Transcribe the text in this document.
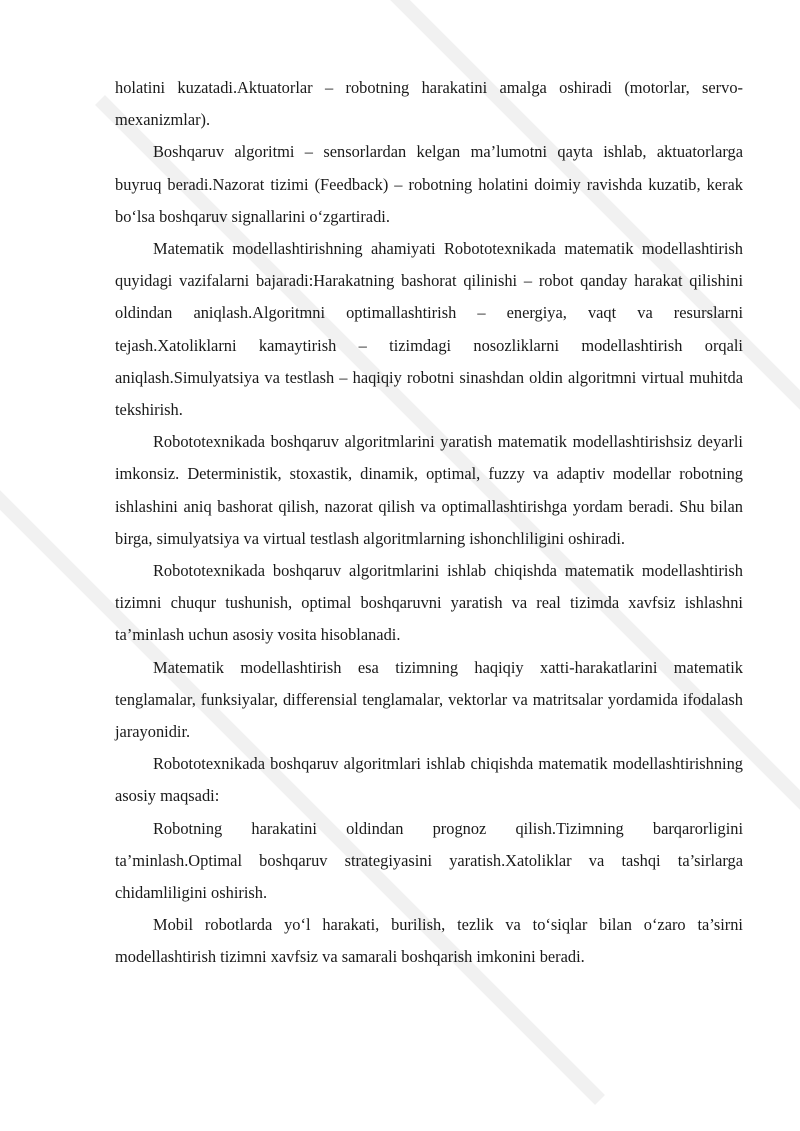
holatini kuzatadi.Aktuatorlar – robotning harakatini amalga oshiradi (motorlar, servo-mexanizmlar).

Boshqaruv algoritmi – sensorlardan kelgan ma’lumotni qayta ishlab, aktuatorlarga buyruq beradi.Nazorat tizimi (Feedback) – robotning holatini doimiy ravishda kuzatib, kerak bo‘lsa boshqaruv signallarini o‘zgartiradi.

Matematik modellashtirishning ahamiyati Robototexnikada matematik modellashtirish quyidagi vazifalarni bajaradi:Harakatning bashorat qilinishi – robot qanday harakat qilishini oldindan aniqlash.Algoritmni optimallashtirish – energiya, vaqt va resurslarni tejash.Xatoliklarni kamaytirish – tizimdagi nosozliklarni modellashtirish orqali aniqlash.Simulyatsiya va testlash – haqiqiy robotni sinashdan oldin algoritmni virtual muhitda tekshirish.

Robototexnikada boshqaruv algoritmlarini yaratish matematik modellashtirishsiz deyarli imkonsiz. Deterministik, stoxastik, dinamik, optimal, fuzzy va adaptiv modellar robotning ishlashini aniq bashorat qilish, nazorat qilish va optimallashtirishga yordam beradi. Shu bilan birga, simulyatsiya va virtual testlash algoritmlarning ishonchliligini oshiradi.

Robototexnikada boshqaruv algoritmlarini ishlab chiqishda matematik modellashtirish tizimni chuqur tushunish, optimal boshqaruvni yaratish va real tizimda xavfsiz ishlashni ta’minlash uchun asosiy vosita hisoblanadi.

Matematik modellashtirish esa tizimning haqiqiy xatti-harakatlarini matematik tenglamalar, funksiyalar, differensial tenglamalar, vektorlar va matritsalar yordamida ifodalash jarayonidir.

Robototexnikada boshqaruv algoritmlari ishlab chiqishda matematik modellashtirishning asosiy maqsadi:

Robotning harakatini oldindan prognoz qilish.Tizimning barqarorligini ta’minlash.Optimal boshqaruv strategiyasini yaratish.Xatoliklar va tashqi ta’sirlarga chidamliligini oshirish.

Mobil robotlarda yo‘l harakati, burilish, tezlik va to‘siqlar bilan o‘zaro ta’sirni modellashtirish tizimni xavfsiz va samarali boshqarish imkonini beradi.
